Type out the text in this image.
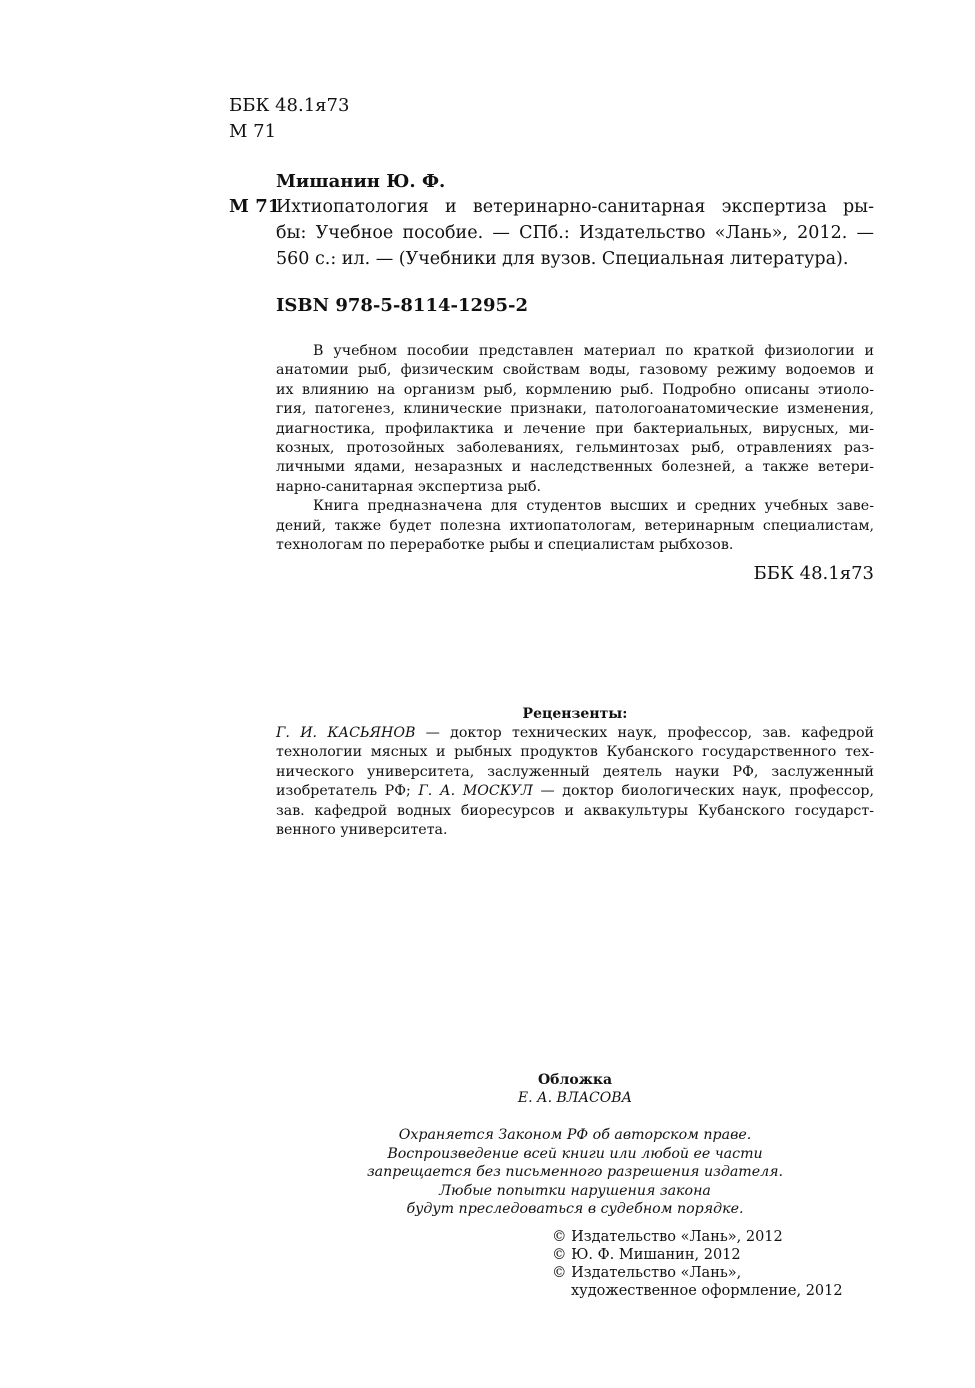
ББК 48.1я73
М 71
Мишанин Ю. Ф.
М 71
Ихтиопатология и ветеринарно-санитарная экспертиза ры-
бы: Учебное пособие. — СПб.: Издательство «Лань», 2012. —
560 с.: ил. — (Учебники для вузов. Специальная литература).
ISBN 978-5-8114-1295-2
В учебном пособии представлен материал по краткой физиологии и
анатомии рыб, физическим свойствам воды, газовому режиму водоемов и
их влиянию на организм рыб, кормлению рыб. Подробно описаны этиоло-
гия, патогенез, клинические признаки, патологоанатомические изменения,
диагностика, профилактика и лечение при бактериальных, вирусных, ми-
козных, протозойных заболеваниях, гельминтозах рыб, отравлениях раз-
личными ядами, незаразных и наследственных болезней, а также ветери-
нарно-санитарная экспертиза рыб.
Книга предназначена для студентов высших и средних учебных заве-
дений, также будет полезна ихтиопатологам, ветеринарным специалистам,
технологам по переработке рыбы и специалистам рыбхозов.
ББК 48.1я73
Рецензенты:
Г. И. КАСЬЯНОВ — доктор технических наук, профессор, зав. кафедрой
технологии мясных и рыбных продуктов Кубанского государственного тех-
нического университета, заслуженный деятель науки РФ, заслуженный
изобретатель РФ; Г. А. МОСКУЛ — доктор биологических наук, профессор,
зав. кафедрой водных биоресурсов и аквакультуры Кубанского государст-
венного университета.
Обложка
Е. А. ВЛАСОВА
Охраняется Законом РФ об авторском праве.
Воспроизведение всей книги или любой ее части
запрещается без письменного разрешения издателя.
Любые попытки нарушения закона
будут преследоваться в судебном порядке.
© Издательство «Лань», 2012
© Ю. Ф. Мишанин, 2012
© Издательство «Лань»,
художественное оформление, 2012
